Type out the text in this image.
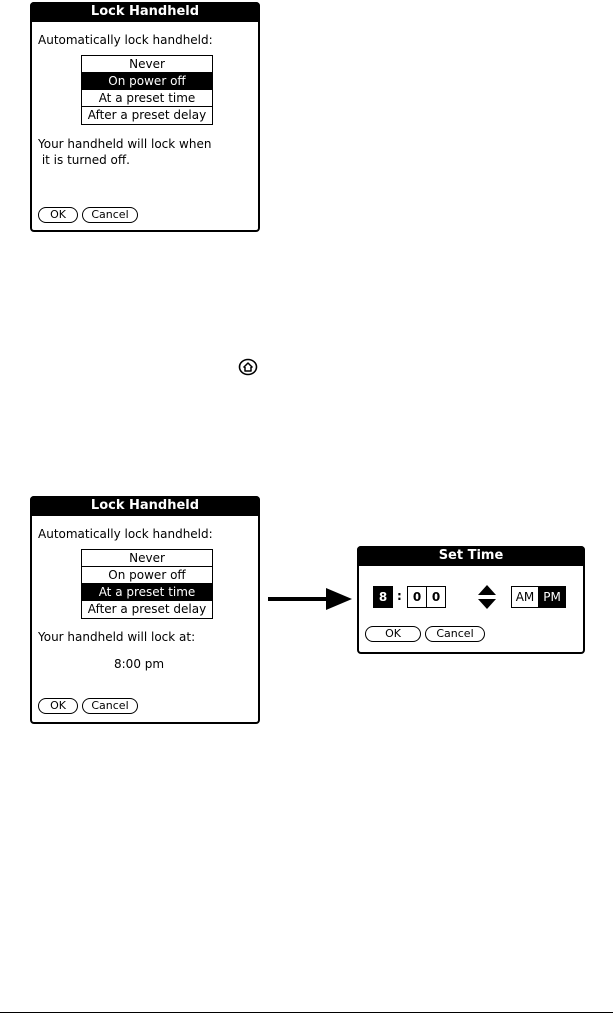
Lock Handheld
Automatically lock handheld:
Never
On power off
At a preset time
After a preset delay
Your handheld will lock when
it is turned off.
OK	Cancel
Lock Handheld
Automatically lock handheld:
Never
On power off
At a preset time
After a preset delay
Your handheld will lock at:
8:00 pm
OK	Cancel
Set Time
8 : 0 0	AM PM
OK	Cancel
